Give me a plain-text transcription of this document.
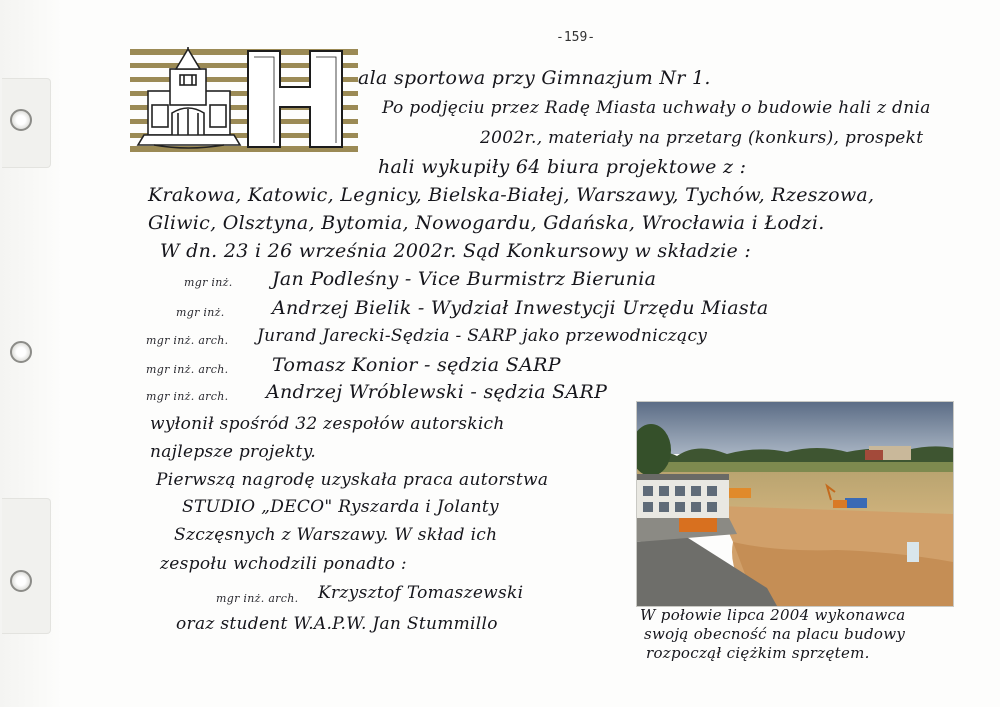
-159-
ala sportowa przy Gimnazjum Nr 1.
Po podjęciu przez Radę Miasta uchwały o budowie hali z dnia
2002r., materiały na przetarg (konkurs), prospekt
hali wykupiły 64 biura projektowe z :
Krakowa, Katowic, Legnicy, Bielska-Białej, Warszawy, Tychów, Rzeszowa,
Gliwic, Olsztyna, Bytomia, Nowogardu, Gdańska, Wrocławia i Łodzi.
W dn. 23 i 26 września 2002r. Sąd Konkursowy w składzie :
mgr inż. Jan Podleśny - Vice Burmistrz Bierunia
mgr inż. Andrzej Bielik - Wydział Inwestycji Urzędu Miasta
mgr inż. arch. Jurand Jarecki-Sędzia - SARP jako przewodniczący
mgr inż. arch. Tomasz Konior - sędzia SARP
mgr inż. arch. Andrzej Wróblewski - sędzia SARP
wyłonił spośród 32 zespołów autorskich
najlepsze projekty.
Pierwszą nagrodę uzyskała praca autorstwa
STUDIO „DECO" Ryszarda i Jolanty
Szczęsnych z Warszawy. W skład ich
zespołu wchodzili ponadto :
mgr inż. arch. Krzysztof Tomaszewski
oraz student W.A.P.W. Jan Stummillo	W połowie lipca 2004 wykonawca
swoją obecność na placu budowy
rozpoczął ciężkim sprzętem.
